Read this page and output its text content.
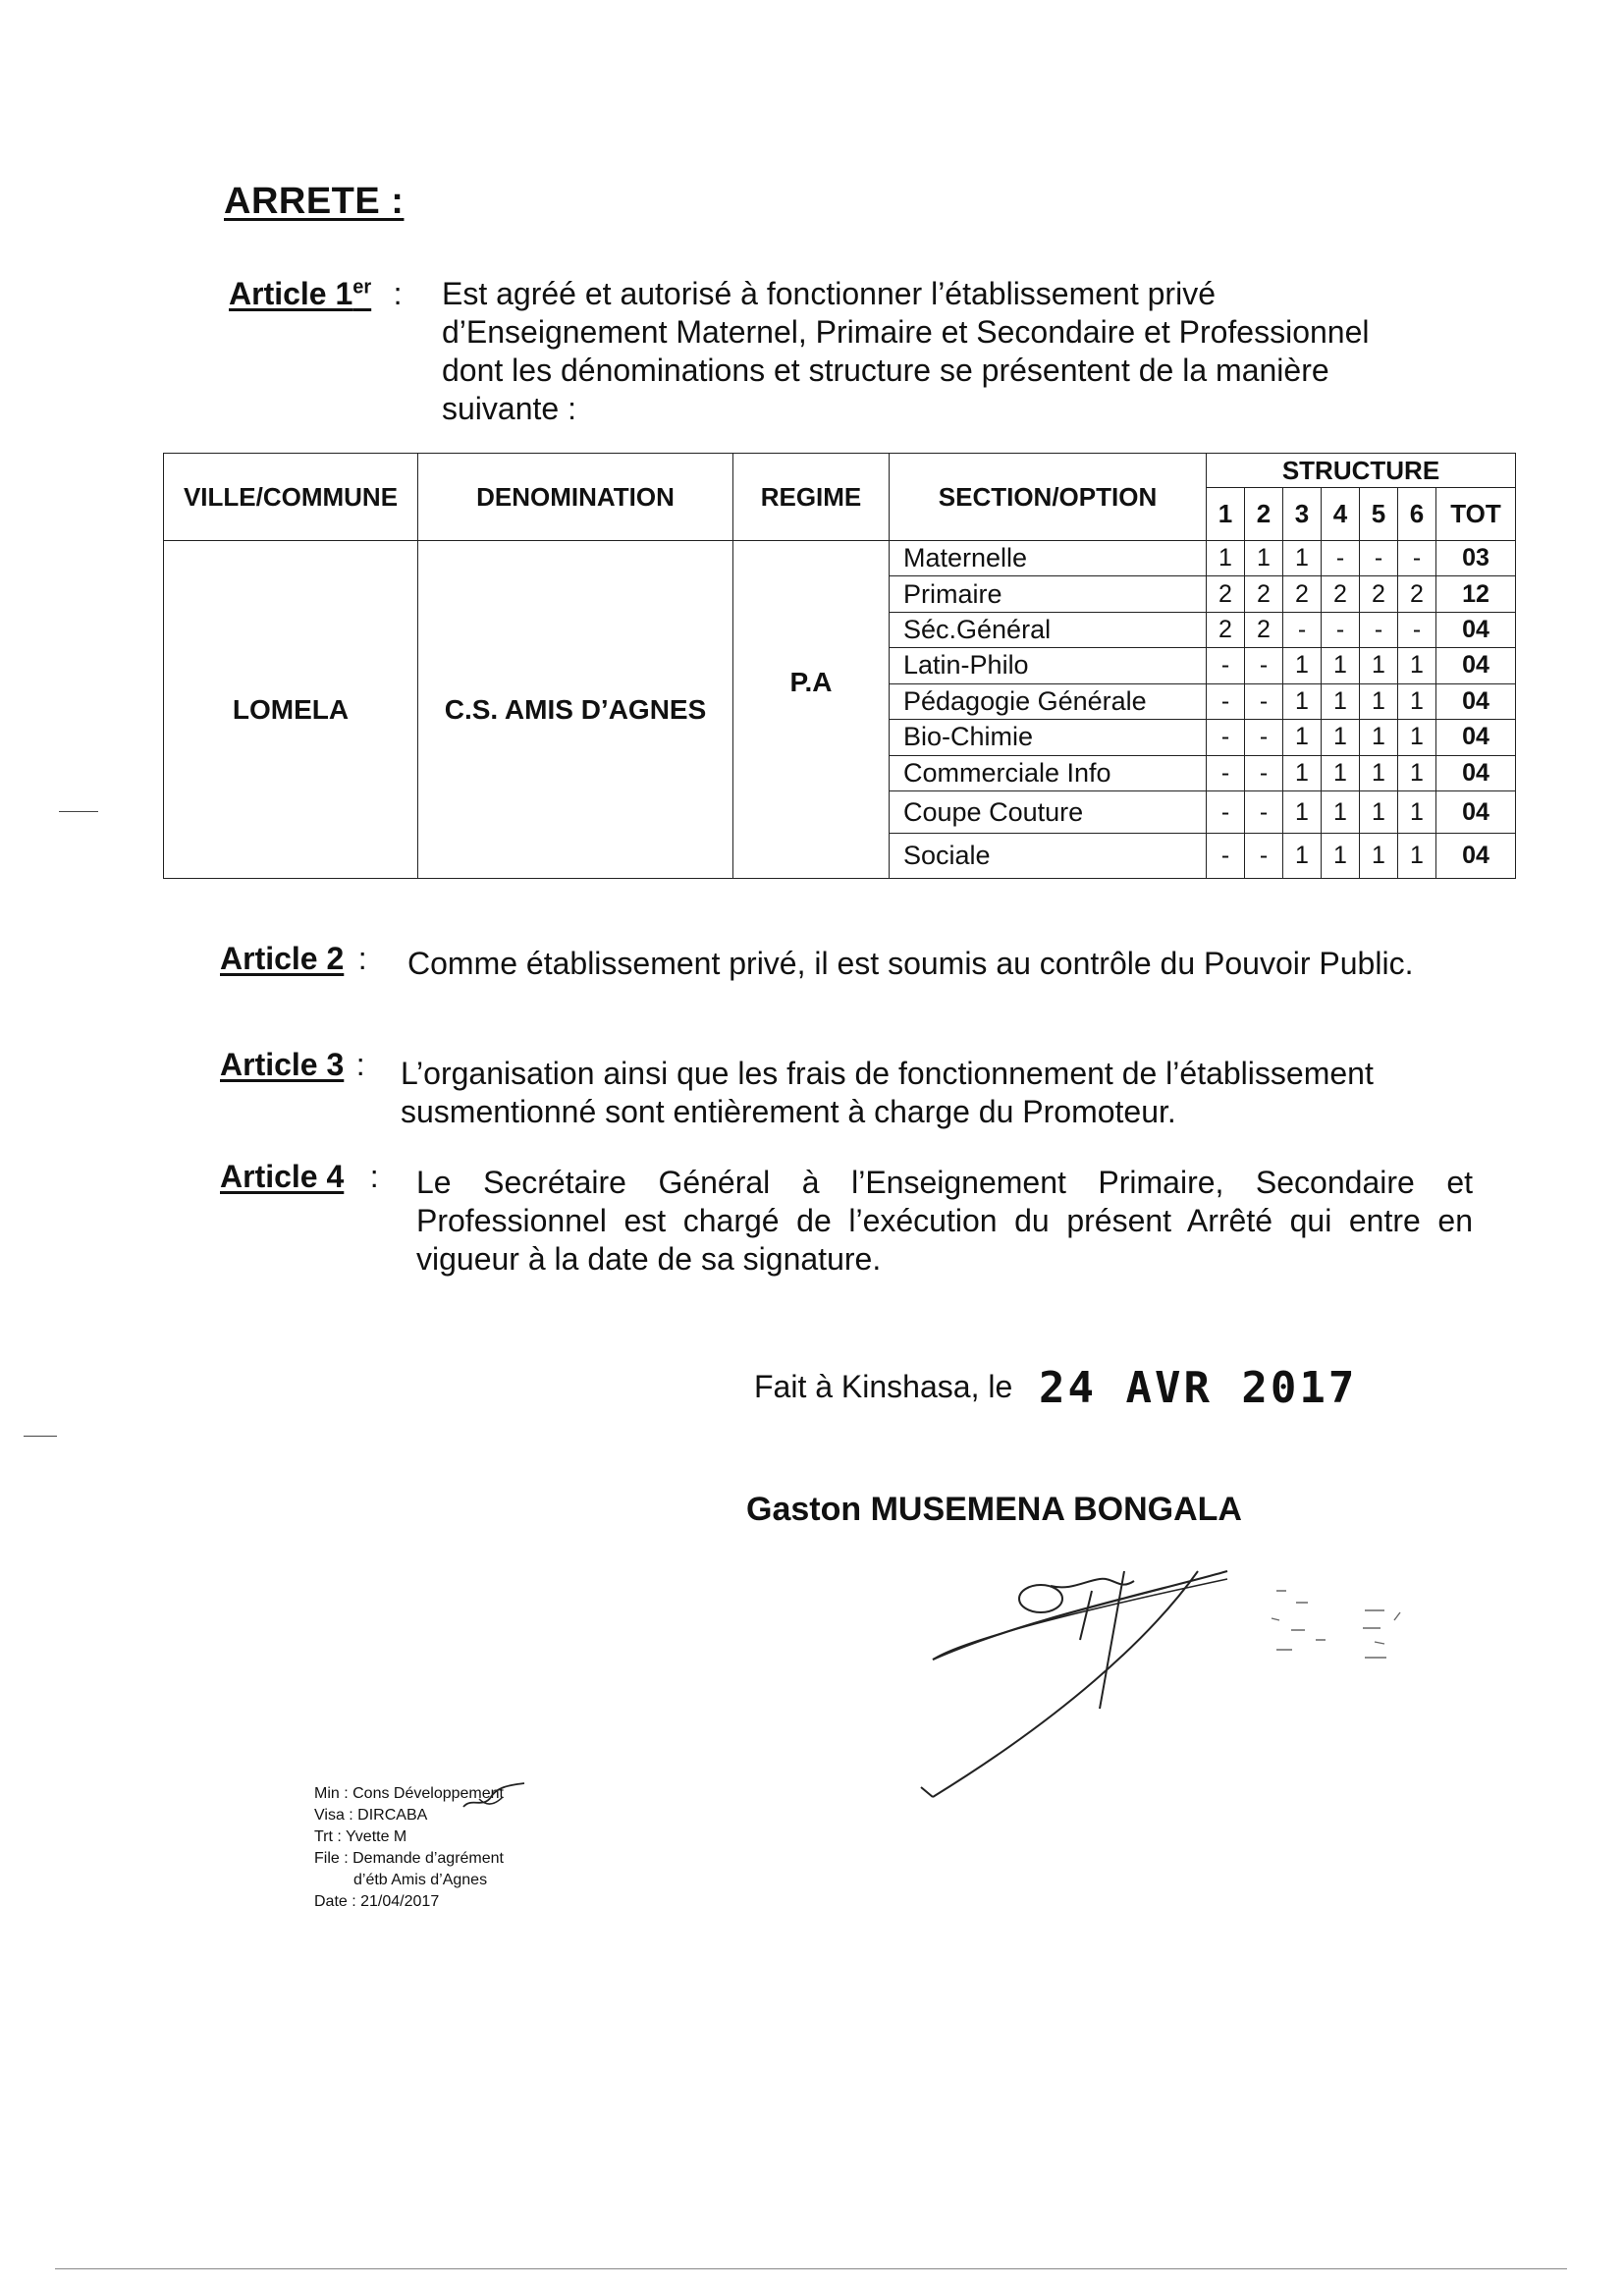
ARRETE :
Article 1er : Est agréé et autorisé à fonctionner l’établissement privé d’Enseignement Maternel, Primaire et Secondaire et Professionnel dont les dénominations et structure se présentent de la manière suivante :
VILLE/COMMUNE	DENOMINATION	REGIME	SECTION/OPTION	STRUCTURE						
				1	2	3	4	5	6	TOT
LOMELA	C.S. AMIS D’AGNES	P.A	Maternelle	1	1	1	-	-	-	03
			Primaire	2	2	2	2	2	2	12
			Séc.Général	2	2	-	-	-	-	04
			Latin-Philo	-	-	1	1	1	1	04
			Pédagogie Générale	-	-	1	1	1	1	04
			Bio-Chimie	-	-	1	1	1	1	04
			Commerciale Info	-	-	1	1	1	1	04
			Coupe Couture	-	-	1	1	1	1	04
			Sociale	-	-	1	1	1	1	04
Article 2 : Comme établissement privé, il est soumis au contrôle du Pouvoir Public.
Article 3 : L’organisation ainsi que les frais de fonctionnement de l’établissement susmentionné sont entièrement à charge du Promoteur.
Article 4 : Le Secrétaire Général à l’Enseignement Primaire, Secondaire et
Professionnel est chargé de l’exécution du présent Arrêté qui entre en vigueur à la date de sa signature.
Fait à Kinshasa, le 24 AVR 2017
Gaston MUSEMENA BONGALA
Min : Cons Développement
Visa : DIRCABA
Trt : Yvette M
File : Demande d’agrément
d’étb Amis d’Agnes
Date : 21/04/2017
